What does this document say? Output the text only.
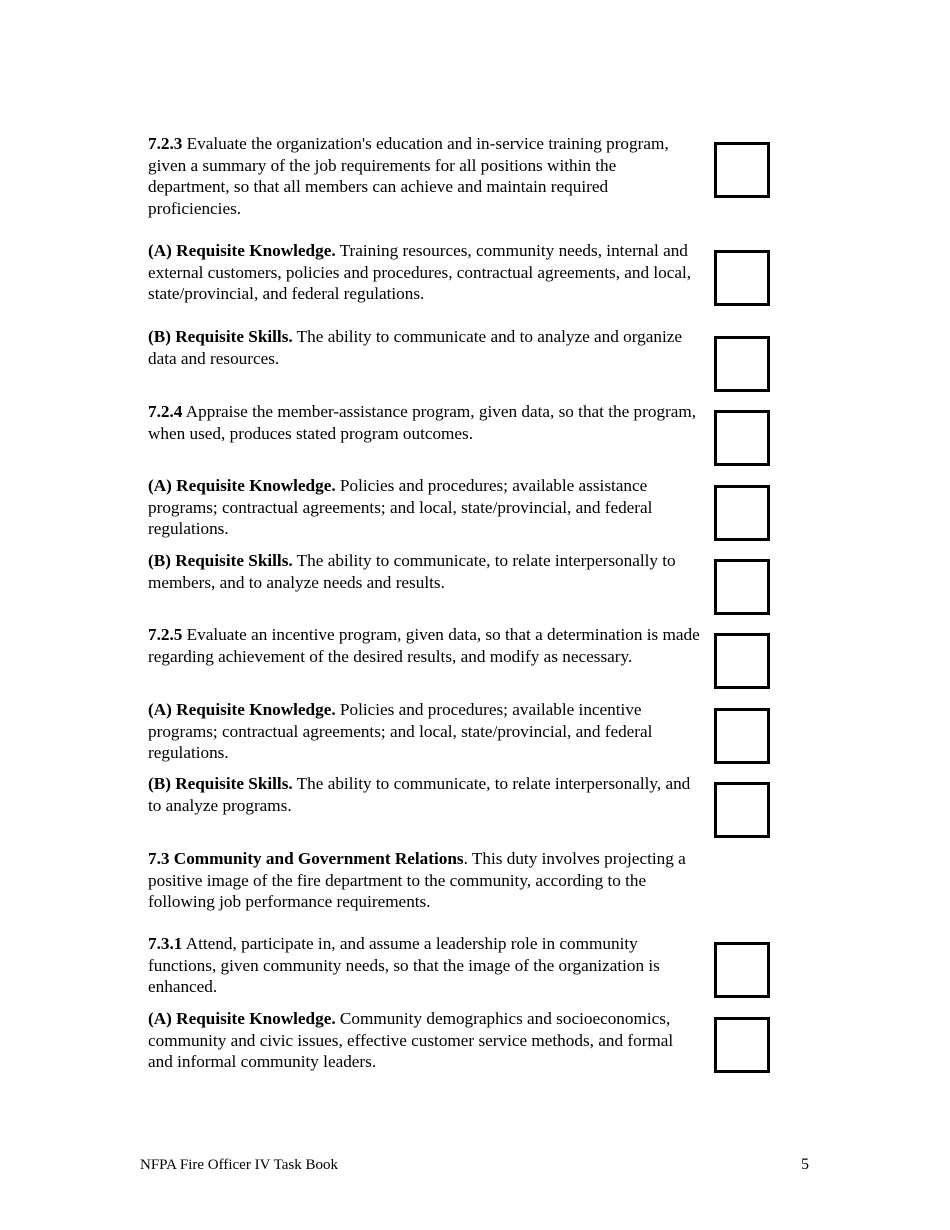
7.2.3 Evaluate the organization's education and in-service training program, given a summary of the job requirements for all positions within the department, so that all members can achieve and maintain required proficiencies.

(A) Requisite Knowledge. Training resources, community needs, internal and external customers, policies and procedures, contractual agreements, and local, state/provincial, and federal regulations.

(B) Requisite Skills. The ability to communicate and to analyze and organize data and resources.

7.2.4 Appraise the member-assistance program, given data, so that the program, when used, produces stated program outcomes.

(A) Requisite Knowledge. Policies and procedures; available assistance programs; contractual agreements; and local, state/provincial, and federal regulations.

(B) Requisite Skills. The ability to communicate, to relate interpersonally to members, and to analyze needs and results.

7.2.5 Evaluate an incentive program, given data, so that a determination is made regarding achievement of the desired results, and modify as necessary.

(A) Requisite Knowledge. Policies and procedures; available incentive programs; contractual agreements; and local, state/provincial, and federal regulations.

(B) Requisite Skills. The ability to communicate, to relate interpersonally, and to analyze programs.

7.3 Community and Government Relations. This duty involves projecting a positive image of the fire department to the community, according to the following job performance requirements.

7.3.1 Attend, participate in, and assume a leadership role in community functions, given community needs, so that the image of the organization is enhanced.

(A) Requisite Knowledge. Community demographics and socioeconomics, community and civic issues, effective customer service methods, and formal and informal community leaders.

NFPA Fire Officer IV Task Book	5
